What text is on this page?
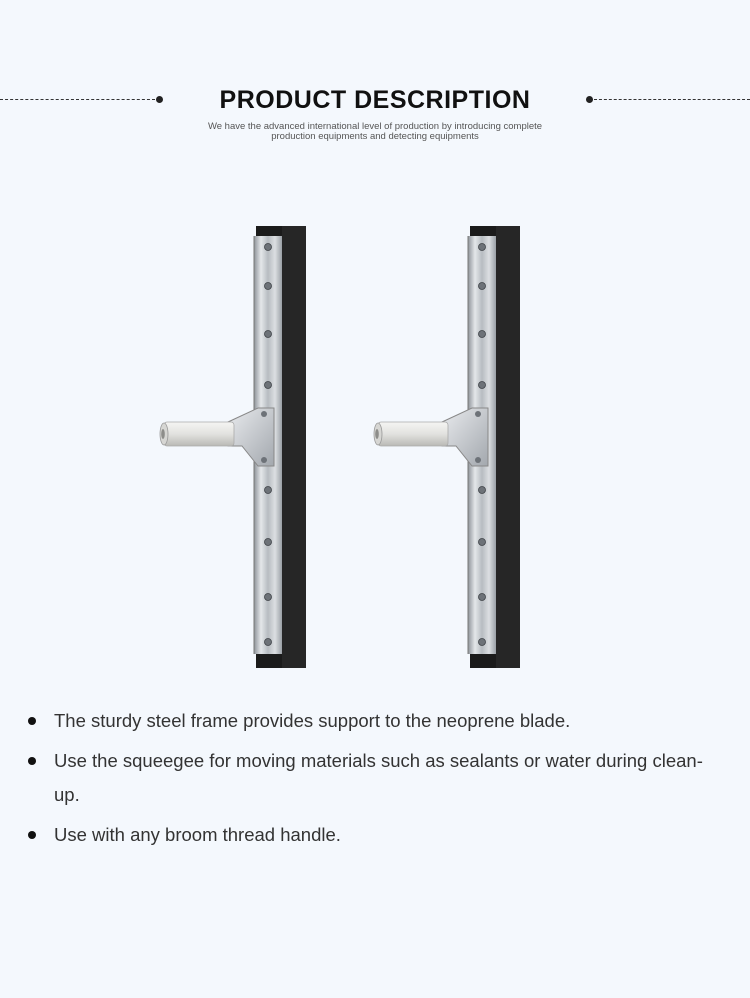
PRODUCT DESCRIPTION
We have the advanced international level of production by introducing complete production equipments and detecting equipments
The sturdy steel frame provides support to the neoprene blade.
Use the squeegee for moving materials such as sealants or water during clean-up.
Use with any broom thread handle.
